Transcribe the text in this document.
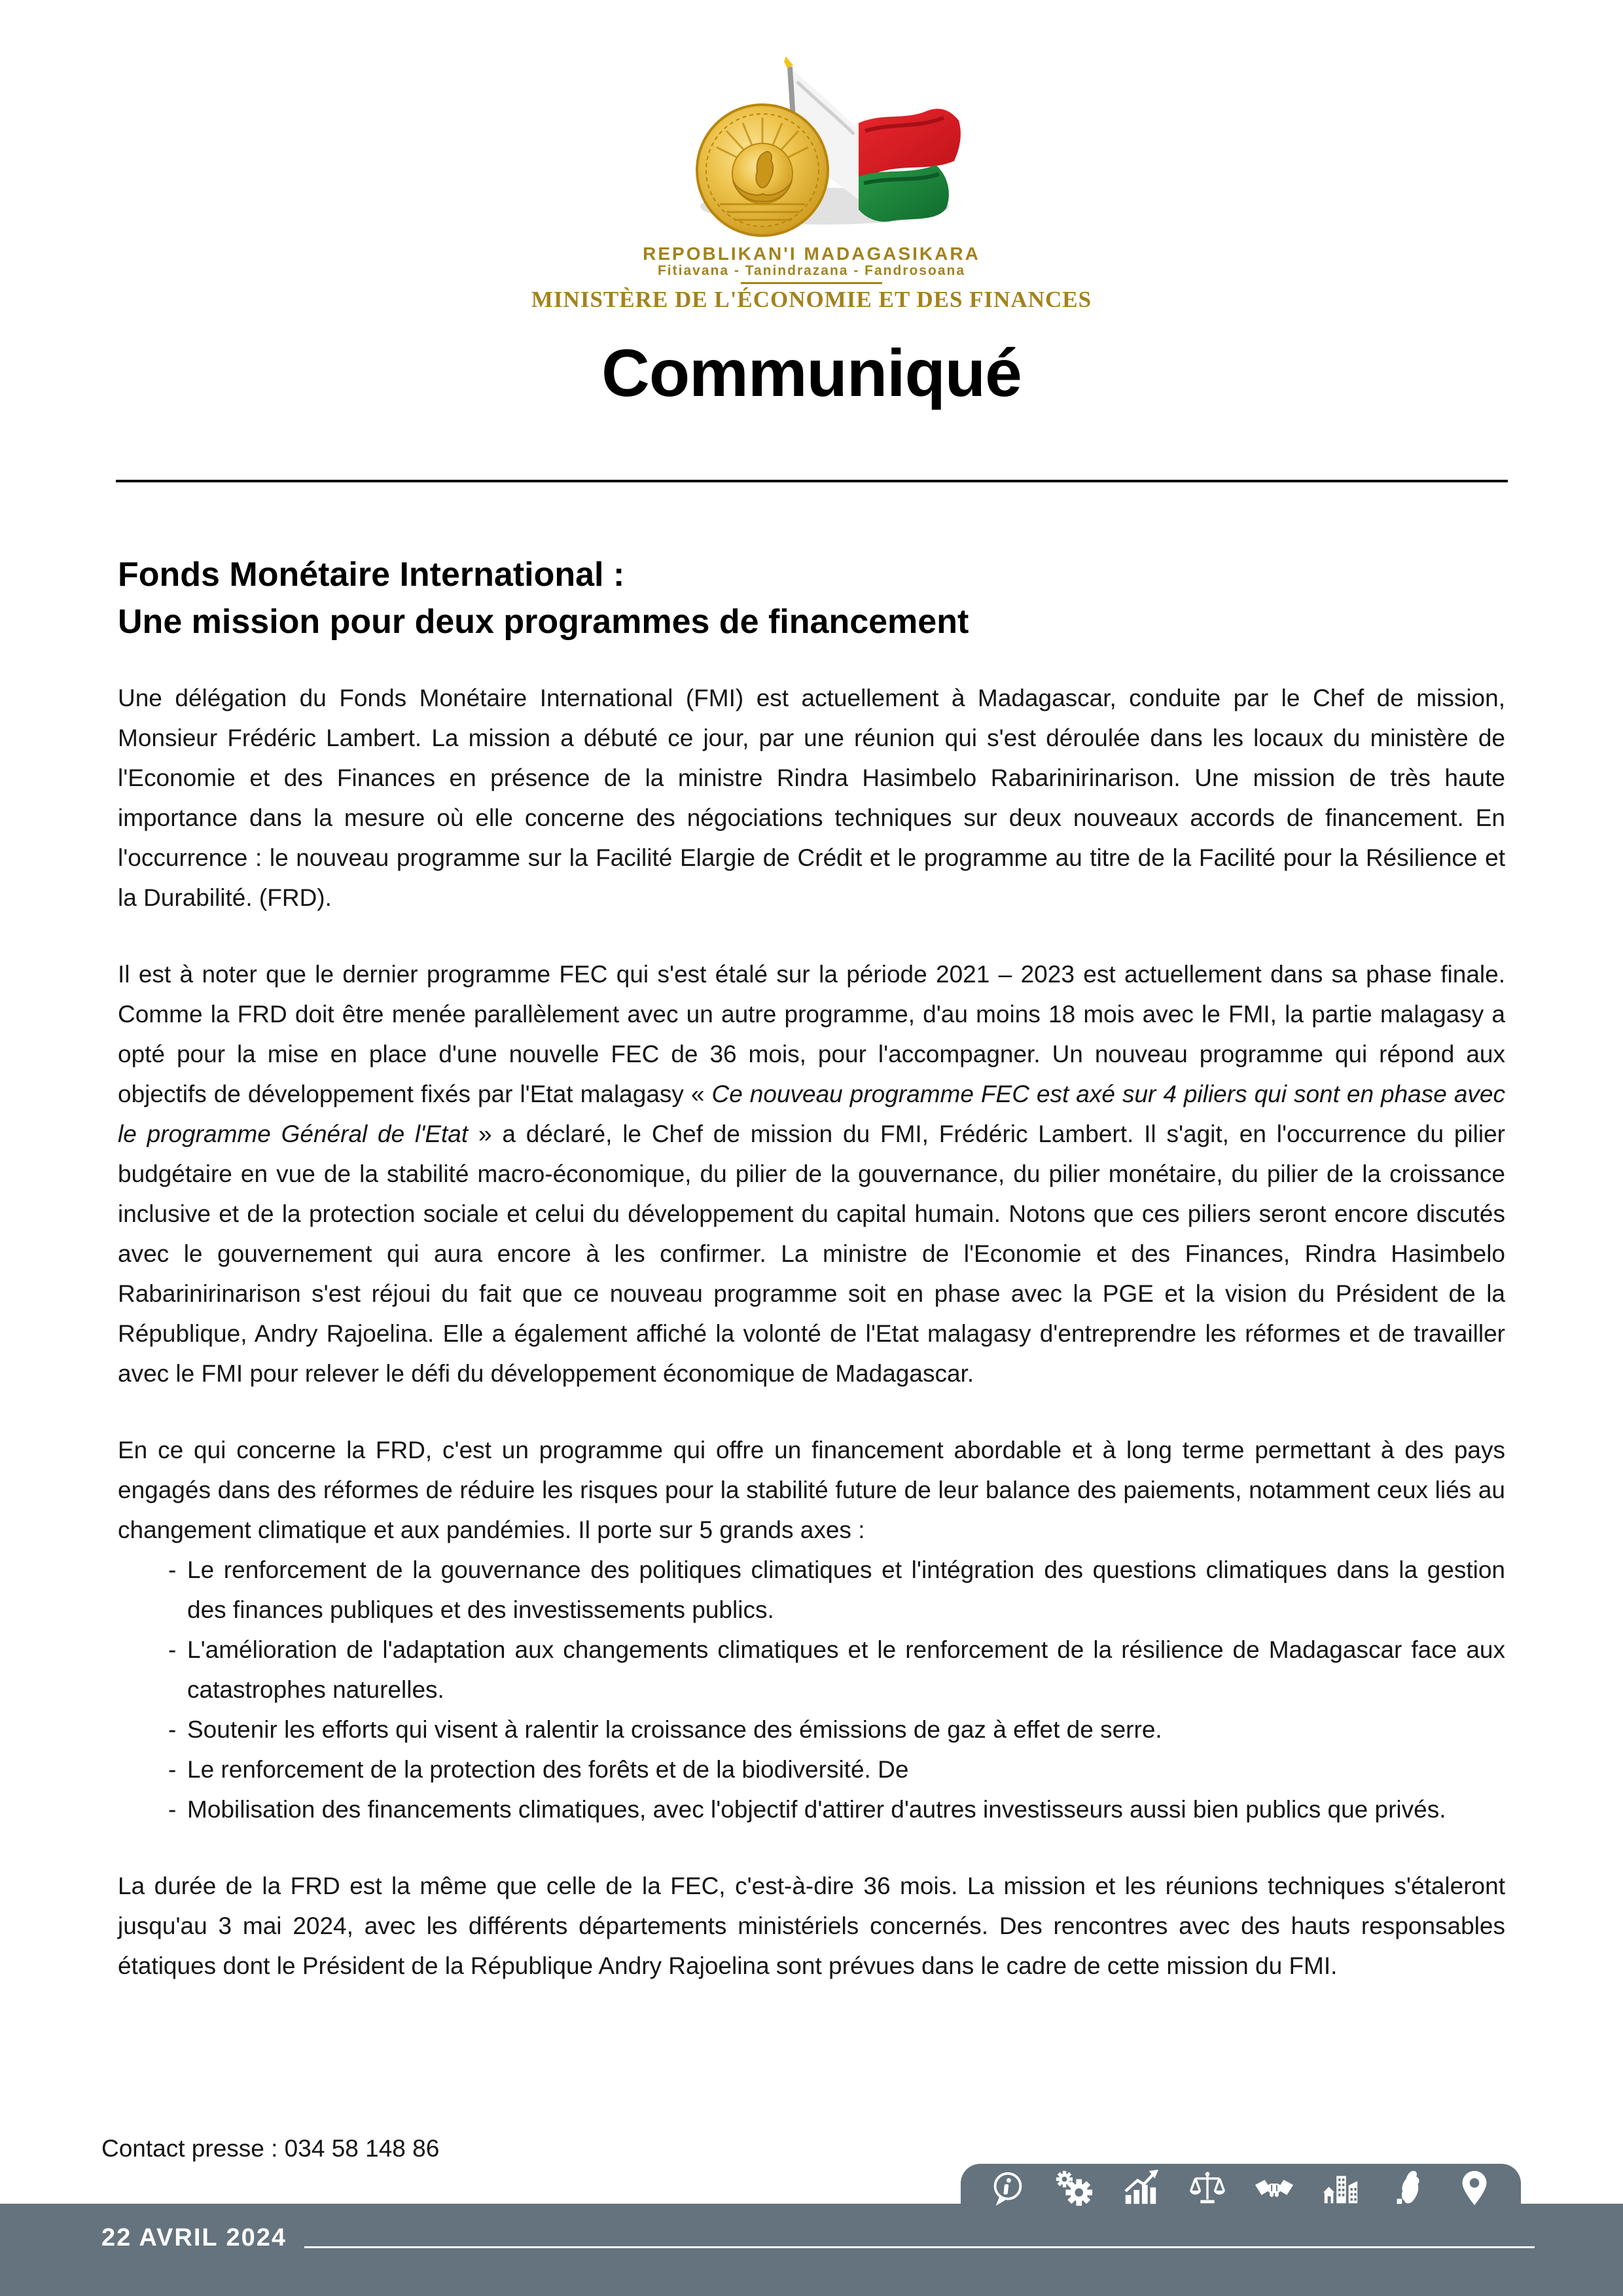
REPOBLIKAN'I MADAGASIKARA
Fitiavana - Tanindrazana - Fandrosoana
MINISTÈRE DE L'ÉCONOMIE ET DES FINANCES
Communiqué
Fonds Monétaire International :
Une mission pour deux programmes de financement

Une délégation du Fonds Monétaire International (FMI) est actuellement à Madagascar, conduite par le Chef de mission, Monsieur Frédéric Lambert. La mission a débuté ce jour, par une réunion qui s'est déroulée dans les locaux du ministère de l'Economie et des Finances en présence de la ministre Rindra Hasimbelo Rabarinirinarison. Une mission de très haute importance dans la mesure où elle concerne des négociations techniques sur deux nouveaux accords de financement. En l'occurrence : le nouveau programme sur la Facilité Elargie de Crédit et le programme au titre de la Facilité pour la Résilience et la Durabilité. (FRD).

Il est à noter que le dernier programme FEC qui s'est étalé sur la période 2021 – 2023 est actuellement dans sa phase finale. Comme la FRD doit être menée parallèlement avec un autre programme, d'au moins 18 mois avec le FMI, la partie malagasy a opté pour la mise en place d'une nouvelle FEC de 36 mois, pour l'accompagner. Un nouveau programme qui répond aux objectifs de développement fixés par l'Etat malagasy « Ce nouveau programme FEC est axé sur 4 piliers qui sont en phase avec le programme Général de l'Etat » a déclaré, le Chef de mission du FMI, Frédéric Lambert. Il s'agit, en l'occurrence du pilier budgétaire en vue de la stabilité macro-économique, du pilier de la gouvernance, du pilier monétaire, du pilier de la croissance inclusive et de la protection sociale et celui du développement du capital humain. Notons que ces piliers seront encore discutés avec le gouvernement qui aura encore à les confirmer. La ministre de l'Economie et des Finances, Rindra Hasimbelo Rabarinirinarison s'est réjoui du fait que ce nouveau programme soit en phase avec la PGE et la vision du Président de la République, Andry Rajoelina. Elle a également affiché la volonté de l'Etat malagasy d'entreprendre les réformes et de travailler avec le FMI pour relever le défi du développement économique de Madagascar.

En ce qui concerne la FRD, c'est un programme qui offre un financement abordable et à long terme permettant à des pays engagés dans des réformes de réduire les risques pour la stabilité future de leur balance des paiements, notamment ceux liés au changement climatique et aux pandémies. Il porte sur 5 grands axes :

- Le renforcement de la gouvernance des politiques climatiques et l'intégration des questions climatiques dans la gestion des finances publiques et des investissements publics.
- L'amélioration de l'adaptation aux changements climatiques et le renforcement de la résilience de Madagascar face aux catastrophes naturelles.
- Soutenir les efforts qui visent à ralentir la croissance des émissions de gaz à effet de serre.
- Le renforcement de la protection des forêts et de la biodiversité. De
- Mobilisation des financements climatiques, avec l'objectif d'attirer d'autres investisseurs aussi bien publics que privés.

La durée de la FRD est la même que celle de la FEC, c'est-à-dire 36 mois. La mission et les réunions techniques s'étaleront jusqu'au 3 mai 2024, avec les différents départements ministériels concernés. Des rencontres avec des hauts responsables étatiques dont le Président de la République Andry Rajoelina sont prévues dans le cadre de cette mission du FMI.

Contact presse : 034 58 148 86
22 AVRIL 2024
